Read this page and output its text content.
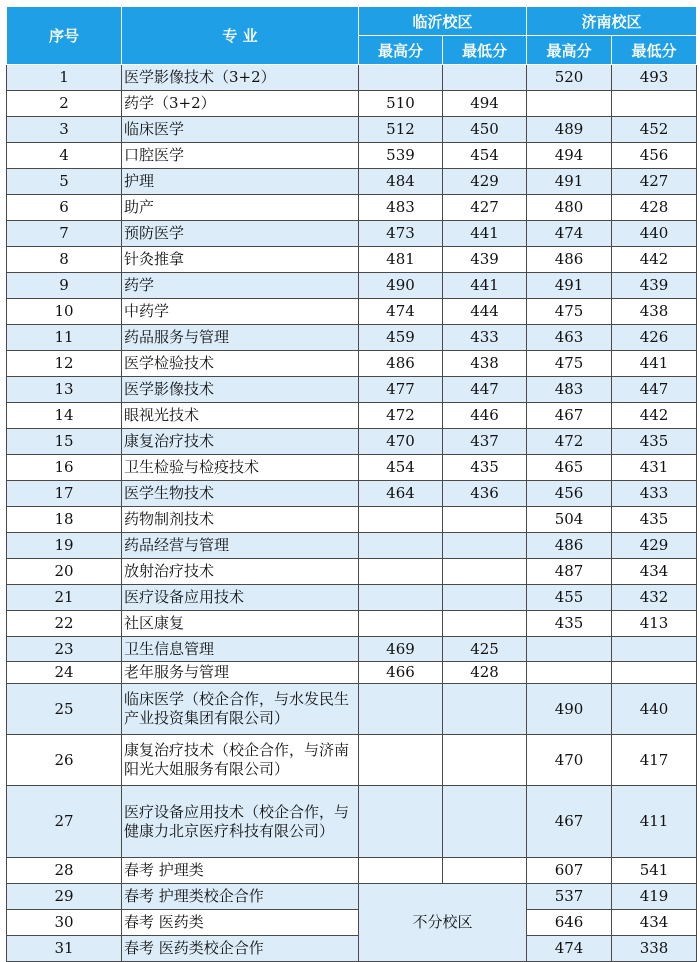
序号	专 业	临沂校区		济南校区	
		最高分	最低分	最高分	最低分
1	医学影像技术（3+2）			520	493
2	药学（3+2）	510	494		
3	临床医学	512	450	489	452
4	口腔医学	539	454	494	456
5	护理	484	429	491	427
6	助产	483	427	480	428
7	预防医学	473	441	474	440
8	针灸推拿	481	439	486	442
9	药学	490	441	491	439
10	中药学	474	444	475	438
11	药品服务与管理	459	433	463	426
12	医学检验技术	486	438	475	441
13	医学影像技术	477	447	483	447
14	眼视光技术	472	446	467	442
15	康复治疗技术	470	437	472	435
16	卫生检验与检疫技术	454	435	465	431
17	医学生物技术	464	436	456	433
18	药物制剂技术			504	435
19	药品经营与管理			486	429
20	放射治疗技术			487	434
21	医疗设备应用技术			455	432
22	社区康复			435	413
23	卫生信息管理	469	425		
24	老年服务与管理	466	428		
25	临床医学（校企合作，与水发民生产业投资集团有限公司）			490	440
26	康复治疗技术（校企合作，与济南阳光大姐服务有限公司）			470	417
27	医疗设备应用技术（校企合作，与健康力北京医疗科技有限公司）			467	411
28	春考 护理类			607	541
29	春考 护理类校企合作	不分校区		537	419
30	春考 医药类			646	434
31	春考 医药类校企合作			474	338
